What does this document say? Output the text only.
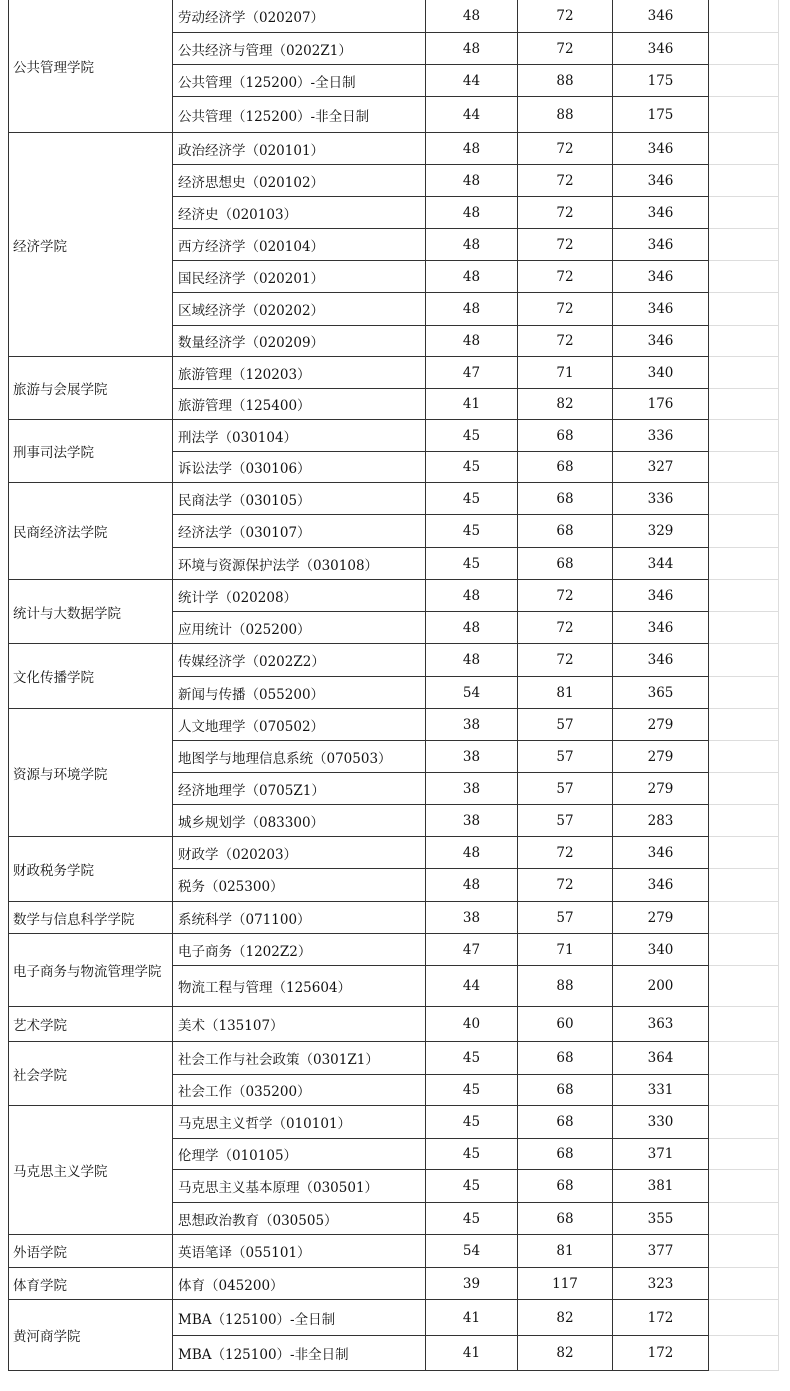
公共管理学院	劳动经济学（020207）	48	72	346	
	公共经济与管理（0202Z1）	48	72	346	
	公共管理（125200）-全日制	44	88	175	
	公共管理（125200）-非全日制	44	88	175	
经济学院	政治经济学（020101）	48	72	346	
	经济思想史（020102）	48	72	346	
	经济史（020103）	48	72	346	
	西方经济学（020104）	48	72	346	
	国民经济学（020201）	48	72	346	
	区域经济学（020202）	48	72	346	
	数量经济学（020209）	48	72	346	
旅游与会展学院	旅游管理（120203）	47	71	340	
	旅游管理（125400）	41	82	176	
刑事司法学院	刑法学（030104）	45	68	336	
	诉讼法学（030106）	45	68	327	
民商经济法学院	民商法学（030105）	45	68	336	
	经济法学（030107）	45	68	329	
	环境与资源保护法学（030108）	45	68	344	
统计与大数据学院	统计学（020208）	48	72	346	
	应用统计（025200）	48	72	346	
文化传播学院	传媒经济学（0202Z2）	48	72	346	
	新闻与传播（055200）	54	81	365	
资源与环境学院	人文地理学（070502）	38	57	279	
	地图学与地理信息系统（070503）	38	57	279	
	经济地理学（0705Z1）	38	57	279	
	城乡规划学（083300）	38	57	283	
财政税务学院	财政学（020203）	48	72	346	
	税务（025300）	48	72	346	
数学与信息科学学院	系统科学（071100）	38	57	279	
电子商务与物流管理学院	电子商务（1202Z2）	47	71	340	
	物流工程与管理（125604）	44	88	200	
艺术学院	美术（135107）	40	60	363	
社会学院	社会工作与社会政策（0301Z1）	45	68	364	
	社会工作（035200）	45	68	331	
马克思主义学院	马克思主义哲学（010101）	45	68	330	
	伦理学（010105）	45	68	371	
	马克思主义基本原理（030501）	45	68	381	
	思想政治教育（030505）	45	68	355	
外语学院	英语笔译（055101）	54	81	377	
体育学院	体育（045200）	39	117	323	
黄河商学院	MBA（125100）-全日制	41	82	172	
	MBA（125100）-非全日制	41	82	172	
